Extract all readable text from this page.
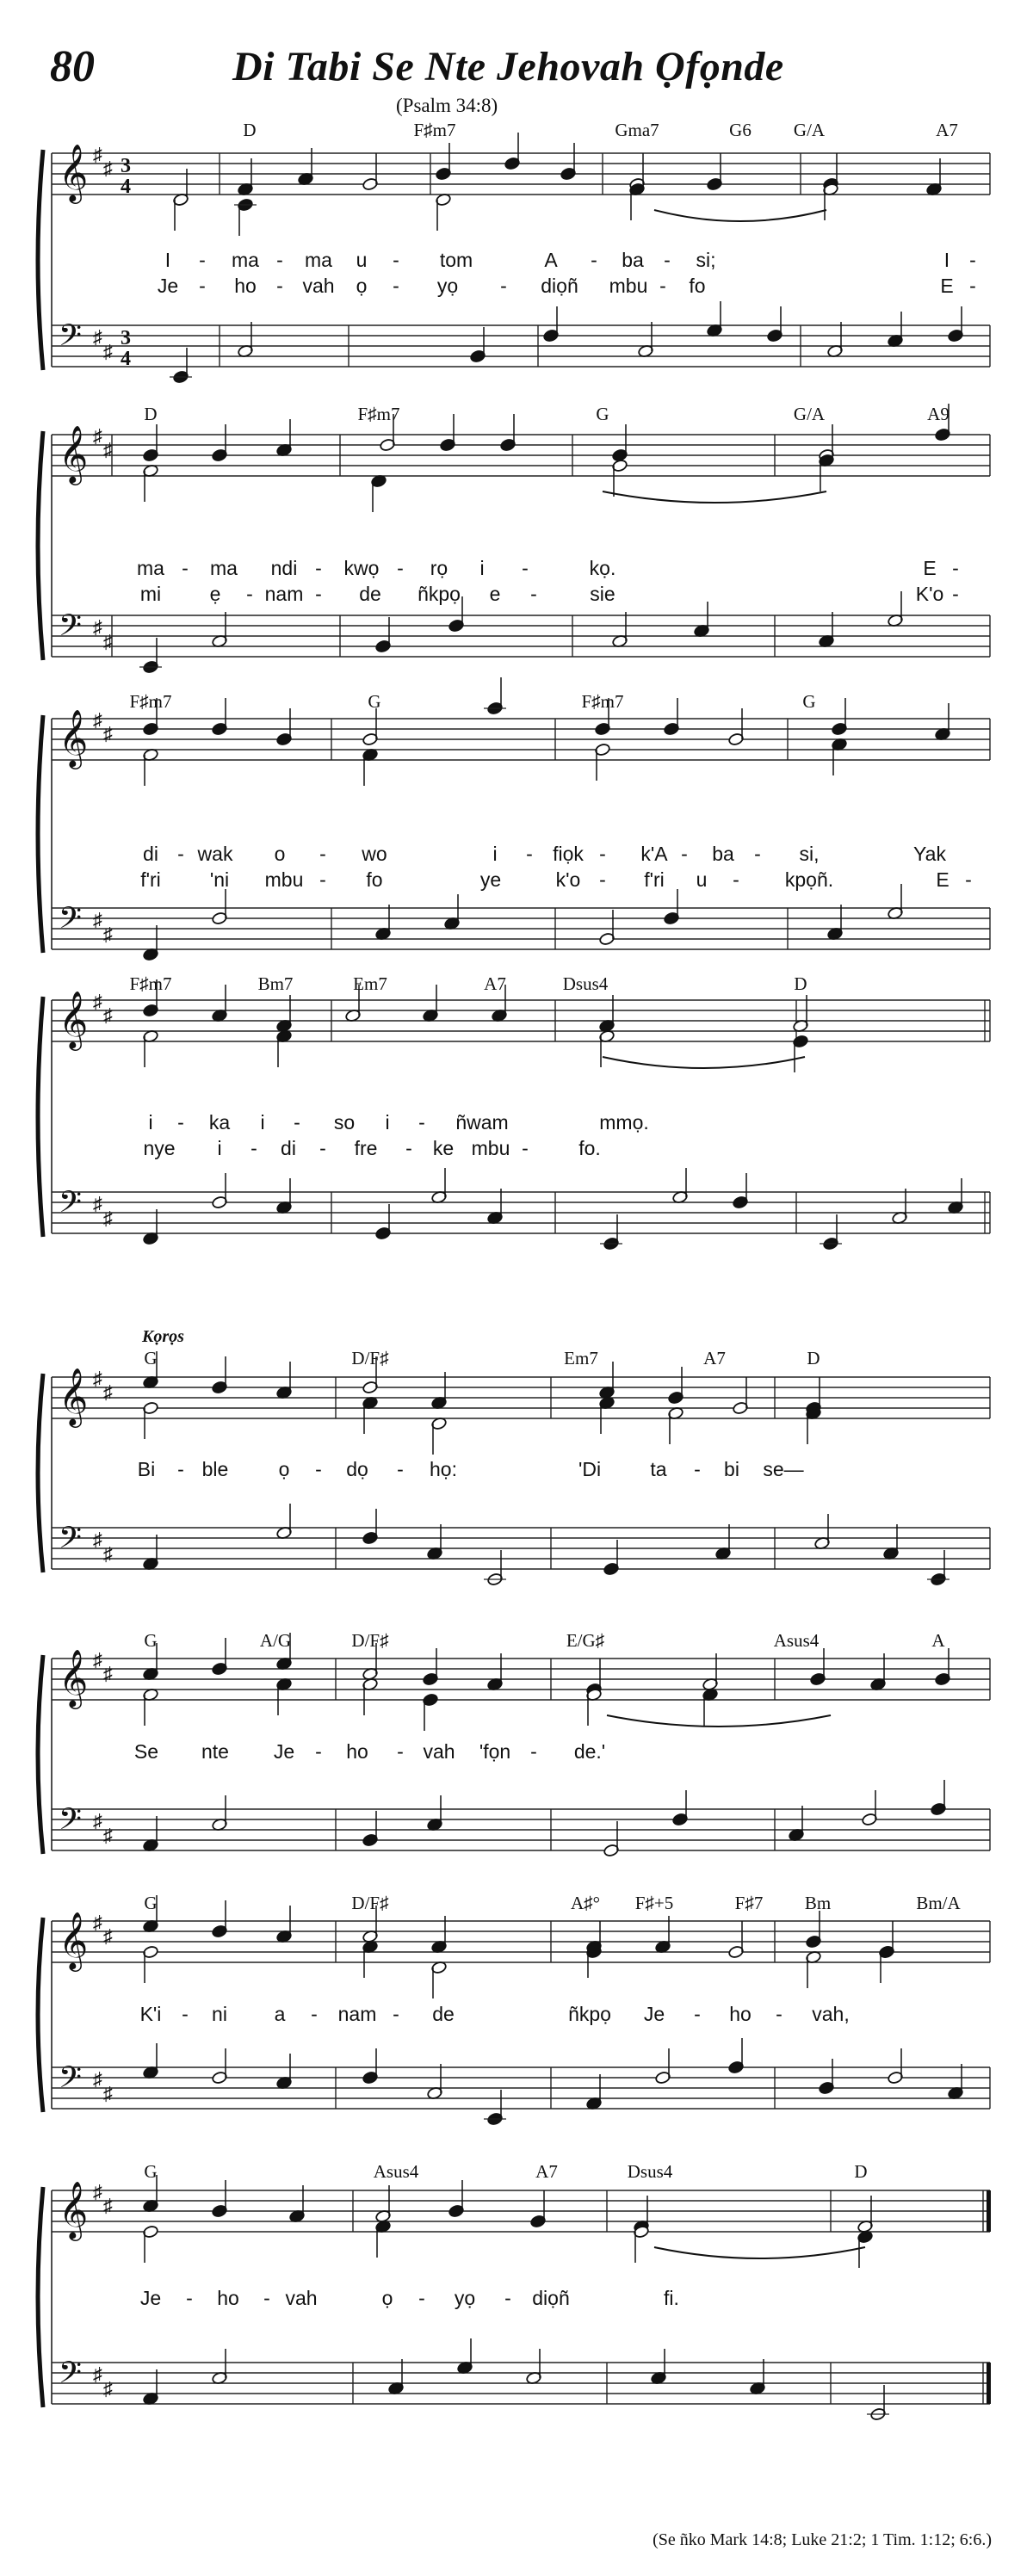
80	Di Tabi Se Nte Jehovah Ọfọnde
(Psalm 34:8)
𝄞 ♯
♯ 3
4
𝄢 ♯
♯
3
4
D	F♯m7	Gma7	G6 G/A	A7
I - ma - ma u - tom	A - ba - si;	I -
Je - ho - vah ọ - yọ - diọñ mbu - fo	E -
𝄞 ♯
♯
𝄢 ♯
♯
D	F♯m7	G	G/A	A9
ma - ma ndi - kwọ - rọ i -	kọ.	E -
mi ẹ - nam - de ñkpọ e -	sie	K'o -
𝄞 ♯
♯
𝄢 ♯
♯
F♯m7	G	F♯m7	G
di - wak o - wo	i - fiọk - k'A - ba - si,	Yak
f'ri 'ni mbu - fo	ye	k'o - f'ri u - kpọñ.	E -
𝄞 ♯
♯
𝄢 ♯
♯
F♯m7	Bm7	Em7	A7	Dsus4	D
i - ka i - so i - ñwam	mmọ.
nye i - di - fre - ke mbu -	fo.
𝄞 ♯
♯
𝄢 ♯
♯
G	D/F♯	Em7	A7	D
Kọrọs
Bi - ble	ọ - dọ - họ:	'Di ta - bi se—
𝄞 ♯
♯
𝄢 ♯
♯
G	A/G	D/F♯	E/G♯	Asus4	A
Se nte Je - ho - vah 'fọn - de.'
𝄞 ♯
♯
𝄢 ♯
♯
G	D/F♯	A♯° F♯+5	F♯7 Bm	Bm/A
K'i - ni a - nam - de	ñkpọ Je - ho - vah,
𝄞 ♯
♯
𝄢 ♯
♯
G	Asus4	A7	Dsus4	D
Je - ho - vah	ọ - yọ - diọñ	fi.
(Se ñko Mark 14:8; Luke 21:2; 1 Tim. 1:12; 6:6.)
